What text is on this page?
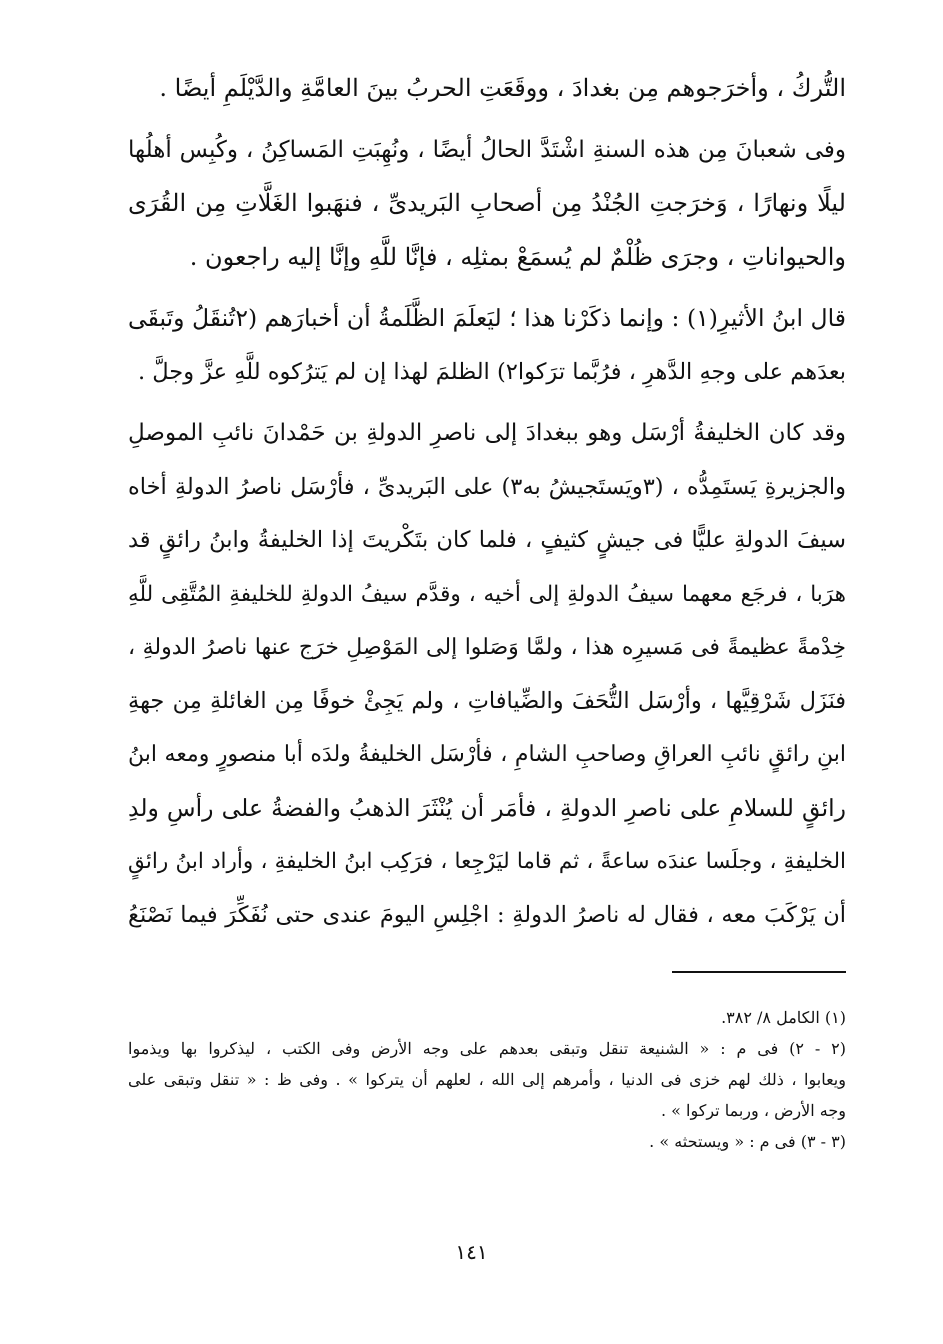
التُّركُ ، وأخرَجوهم مِن بغدادَ ، ووقَعَتِ الحربُ بينَ العامَّةِ والدَّيْلَمِ أيضًا .

وفى شعبانَ مِن هذه السنةِ اشْتَدَّ الحالُ أيضًا ، ونُهِبَتِ المَساكِنُ ، وكُبِس أهلُها
ليلًا ونهارًا ، وَخرَجتِ الجُنْدُ مِن أصحابِ البَريدىِّ ، فنهَبوا الغَلَّاتِ مِن القُرَى
والحيواناتِ ، وجرَى ظُلْمٌ لم يُسمَعْ بمثلِه ، فإنَّا للَّهِ وإنَّا إليه راجعون .

قال ابنُ الأثيرِ(١) : وإنما ذكَرْنا هذا ؛ ليَعلَمَ الظَّلَمةُ أن أخبارَهم (٢تُنقَلُ وتَبقَى
بعدَهم على وجهِ الدَّهرِ ، فرُبَّما ترَكوا٢) الظلمَ لهذا إن لم يَترُكوه للَّهِ عزَّ وجلَّ .

وقد كان الخليفةُ أرْسَل وهو ببغدادَ إلى ناصرِ الدولةِ بن حَمْدانَ نائبِ الموصلِ
والجزيرةِ يَستَمِدُّه ، (٣ويَستَجيشُ به٣) على البَريدىِّ ، فأرْسَل ناصرُ الدولةِ أخاه
سيفَ الدولةِ عليًّا فى جيشٍ كثيفٍ ، فلما كان بتَكْريتَ إذا الخليفةُ وابنُ رائقٍ قد
هرَبا ، فرجَع معهما سيفُ الدولةِ إلى أخيه ، وقدَّم سيفُ الدولةِ للخليفةِ المُتَّقِى للَّهِ
خِدْمةً عظيمةً فى مَسيرِه هذا ، ولمَّا وَصَلوا إلى المَوْصِلِ خرَج عنها ناصرُ الدولةِ ،
فنَزَل شَرْقِيَّها ، وأرْسَل التُّحَفَ والضِّيافاتِ ، ولم يَجِئْ خوفًا مِن الغائلةِ مِن جهةِ
ابنِ رائقٍ نائبِ العراقِ وصاحبِ الشامِ ، فأرْسَل الخليفةُ ولدَه أبا منصورٍ ومعه ابنُ
رائقٍ للسلامِ على ناصرِ الدولةِ ، فأمَر أن يُنْثَرَ الذهبُ والفضةُ على رأسِ ولدِ
الخليفةِ ، وجلَسا عندَه ساعةً ، ثم قاما ليَرْجِعا ، فرَكِب ابنُ الخليفةِ ، وأراد ابنُ رائقٍ
أن يَرْكَبَ معه ، فقال له ناصرُ الدولةِ : اجْلِسِ اليومَ عندى حتى نُفَكِّرَ فيما نَصْنَعُ

(١) الكامل ٨/ ٣٨٢.

(٢ - ٢) فى م : « الشنيعة تنقل وتبقى بعدهم على وجه الأرض وفى الكتب ، ليذكروا بها ويذموا
ويعابوا ، ذلك لهم خزى فى الدنيا ، وأمرهم إلى الله ، لعلهم أن يتركوا » . وفى ظ : « تنقل وتبقى على
وجه الأرض ، وربما تركوا » .

(٣ - ٣) فى م : « ويستحثه » .

١٤١
